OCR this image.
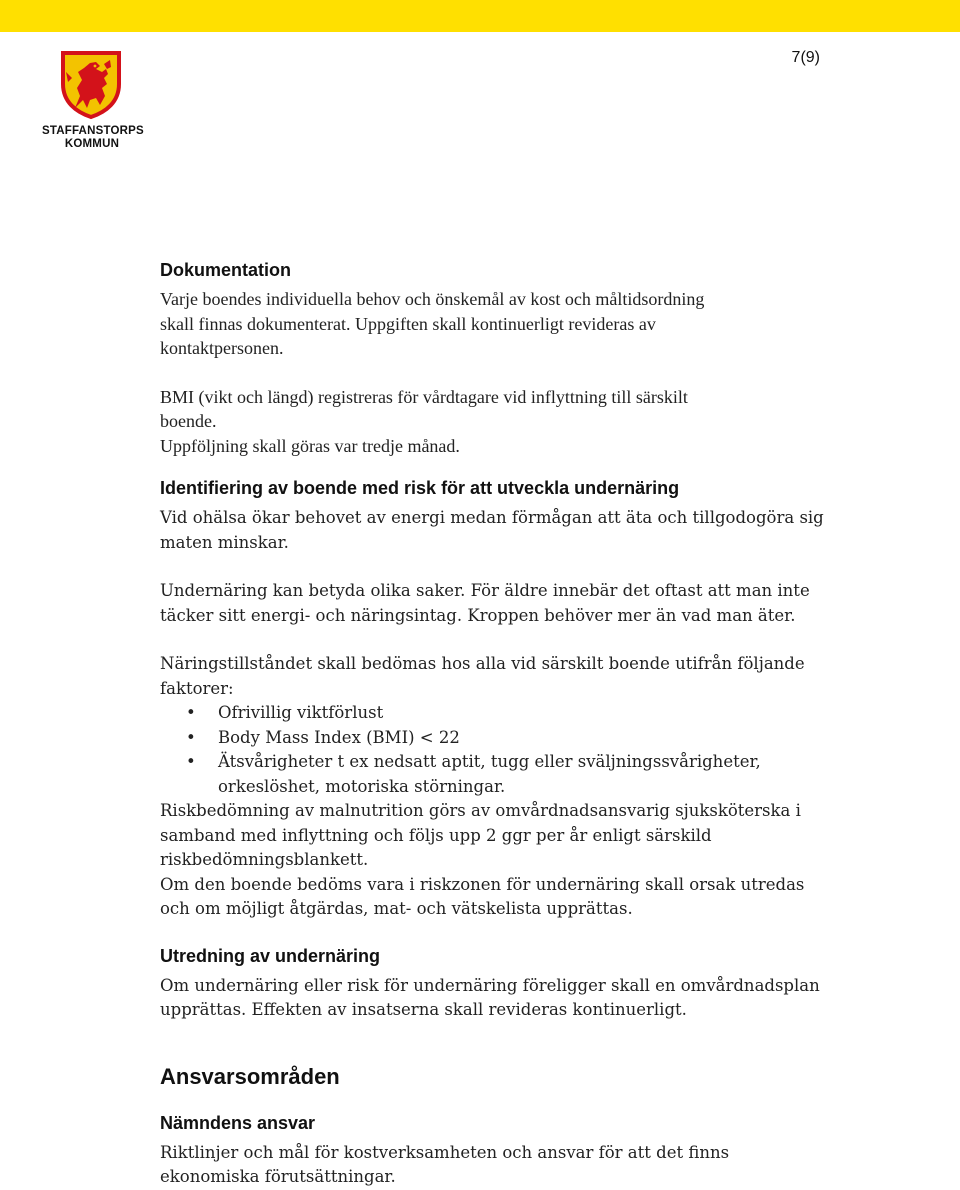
7(9)
STAFFANSTORPS
KOMMUN
Dokumentation

Varje boendes individuella behov och önskemål av kost och måltidsordning
skall finnas dokumenterat. Uppgiften skall kontinuerligt revideras av
kontaktpersonen.

BMI (vikt och längd) registreras för vårdtagare vid inflyttning till särskilt
boende.
Uppföljning skall göras var tredje månad.

Identifiering av boende med risk för att utveckla undernäring

Vid ohälsa ökar behovet av energi medan förmågan att äta och tillgodogöra sig
maten minskar.

Undernäring kan betyda olika saker. För äldre innebär det oftast att man inte
täcker sitt energi- och näringsintag. Kroppen behöver mer än vad man äter.

Näringstillståndet skall bedömas hos alla vid särskilt boende utifrån följande
faktorer:

• Ofrivillig viktförlust
• Body Mass Index (BMI) < 22
• Ätsvårigheter t ex nedsatt aptit, tugg eller sväljningssvårigheter,
orkeslöshet, motoriska störningar.

Riskbedömning av malnutrition görs av omvårdnadsansvarig sjuksköterska i
samband med inflyttning och följs upp 2 ggr per år enligt särskild
riskbedömningsblankett.

Om den boende bedöms vara i riskzonen för undernäring skall orsak utredas
och om möjligt åtgärdas, mat- och vätskelista upprättas.

Utredning av undernäring

Om undernäring eller risk för undernäring föreligger skall en omvårdnadsplan
upprättas. Effekten av insatserna skall revideras kontinuerligt.

Ansvarsområden
Nämndens ansvar

Riktlinjer och mål för kostverksamheten och ansvar för att det finns
ekonomiska förutsättningar.
